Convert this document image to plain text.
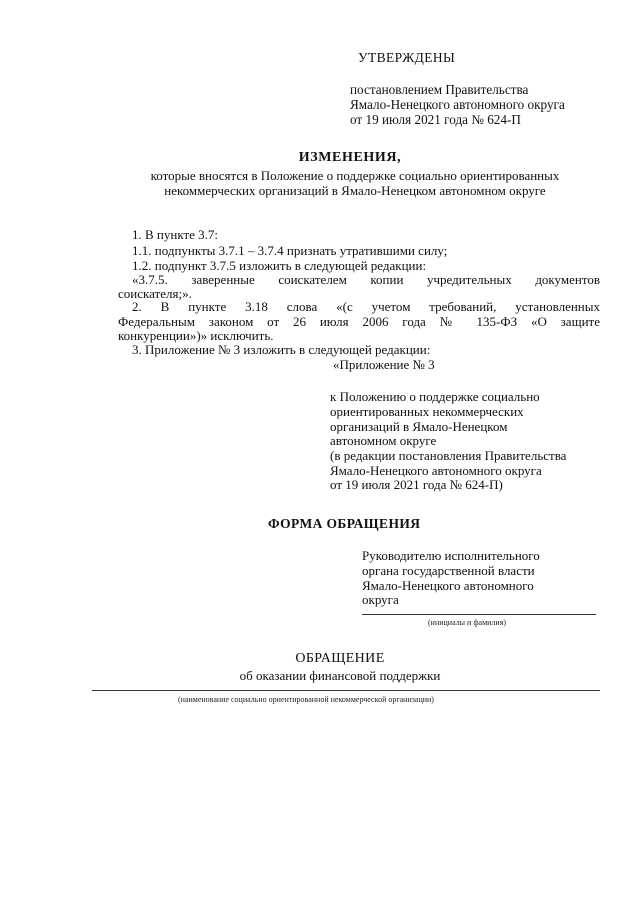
УТВЕРЖДЕНЫ
постановлением Правительства
Ямало-Ненецкого автономного округа
от 19 июля 2021 года № 624-П
ИЗМЕНЕНИЯ,
которые вносятся в Положение о поддержке социально ориентированных
некоммерческих организаций в Ямало-Ненецком автономном округе
1. В пункте 3.7:
1.1. подпункты 3.7.1 – 3.7.4 признать утратившими силу;
1.2. подпункт 3.7.5 изложить в следующей редакции:
«3.7.5. заверенные соискателем копии учредительных документов
соискателя;».
2. В пункте 3.18 слова «(с учетом требований, установленных
Федеральным законом от 26 июля 2006 года № 135-ФЗ «О защите
конкуренции»)» исключить.
3. Приложение № 3 изложить в следующей редакции:
«Приложение № 3
к Положению о поддержке социально
ориентированных некоммерческих
организаций в Ямало-Ненецком
автономном округе
(в редакции постановления Правительства
Ямало-Ненецкого автономного округа
от 19 июля 2021 года № 624-П)
ФОРМА ОБРАЩЕНИЯ
Руководителю исполнительного
органа государственной власти
Ямало-Ненецкого автономного
округа
(инициалы и фамилия)
ОБРАЩЕНИЕ
об оказании финансовой поддержки
(наименование социально ориентированной некоммерческой организации)
